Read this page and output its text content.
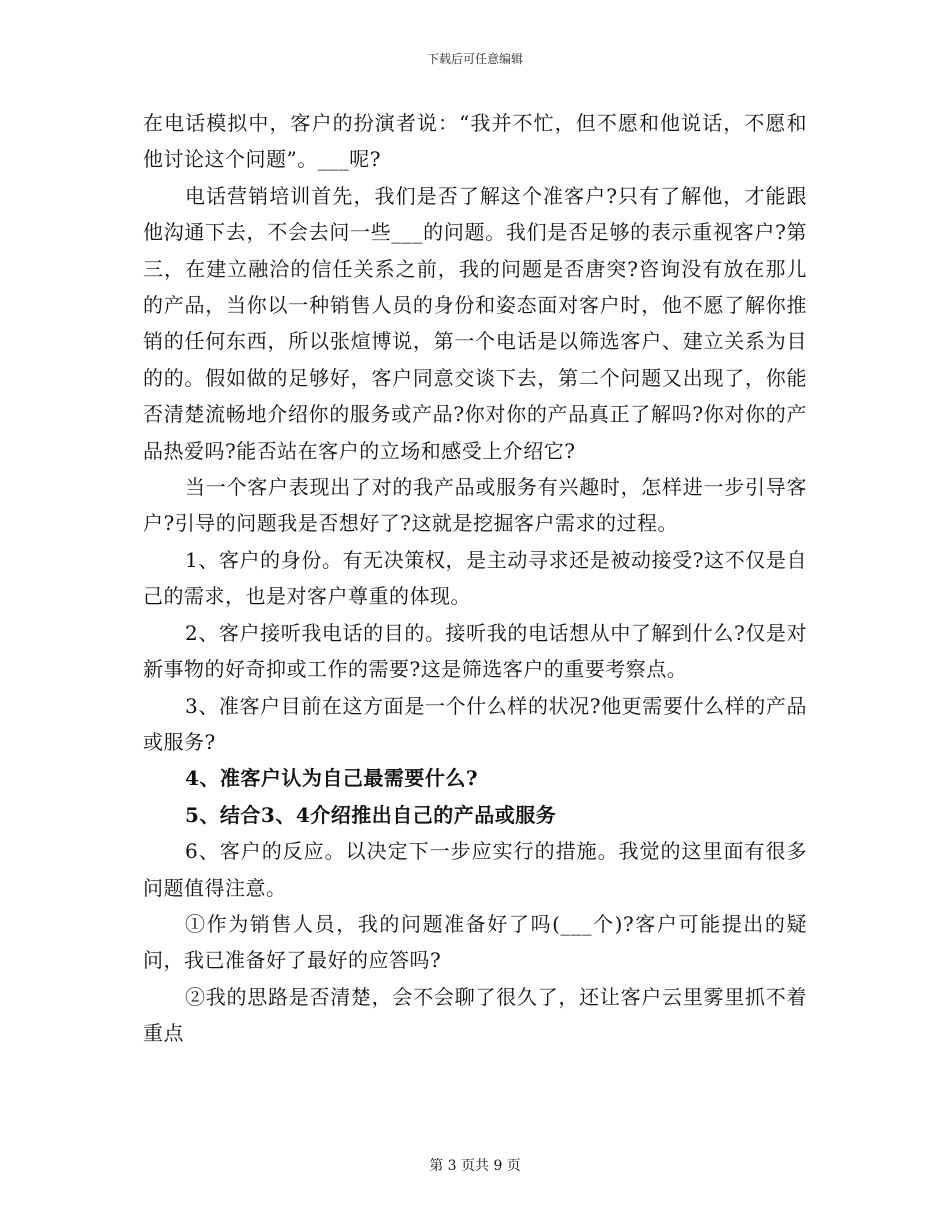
下载后可任意编辑

在电话模拟中，客户的扮演者说：“我并不忙，但不愿和他说话，不愿和他讨论这个问题”。___呢?

电话营销培训首先，我们是否了解这个准客户?只有了解他，才能跟他沟通下去，不会去问一些___的问题。我们是否足够的表示重视客户?第三，在建立融洽的信任关系之前，我的问题是否唐突?咨询没有放在那儿的产品，当你以一种销售人员的身份和姿态面对客户时，他不愿了解你推销的任何东西，所以张煊博说，第一个电话是以筛选客户、建立关系为目的的。假如做的足够好，客户同意交谈下去，第二个问题又出现了，你能否清楚流畅地介绍你的服务或产品?你对你的产品真正了解吗?你对你的产品热爱吗?能否站在客户的立场和感受上介绍它?

当一个客户表现出了对的我产品或服务有兴趣时，怎样进一步引导客户?引导的问题我是否想好了?这就是挖掘客户需求的过程。

1、客户的身份。有无决策权，是主动寻求还是被动接受?这不仅是自己的需求，也是对客户尊重的体现。

2、客户接听我电话的目的。接听我的电话想从中了解到什么?仅是对新事物的好奇抑或工作的需要?这是筛选客户的重要考察点。

3、准客户目前在这方面是一个什么样的状况?他更需要什么样的产品或服务?

4、准客户认为自己最需要什么?

5、结合3、4介绍推出自己的产品或服务

6、客户的反应。以决定下一步应实行的措施。我觉的这里面有很多问题值得注意。

①作为销售人员，我的问题准备好了吗(___个)?客户可能提出的疑问，我已准备好了最好的应答吗?

②我的思路是否清楚，会不会聊了很久了，还让客户云里雾里抓不着重点

第 3 页共 9 页
